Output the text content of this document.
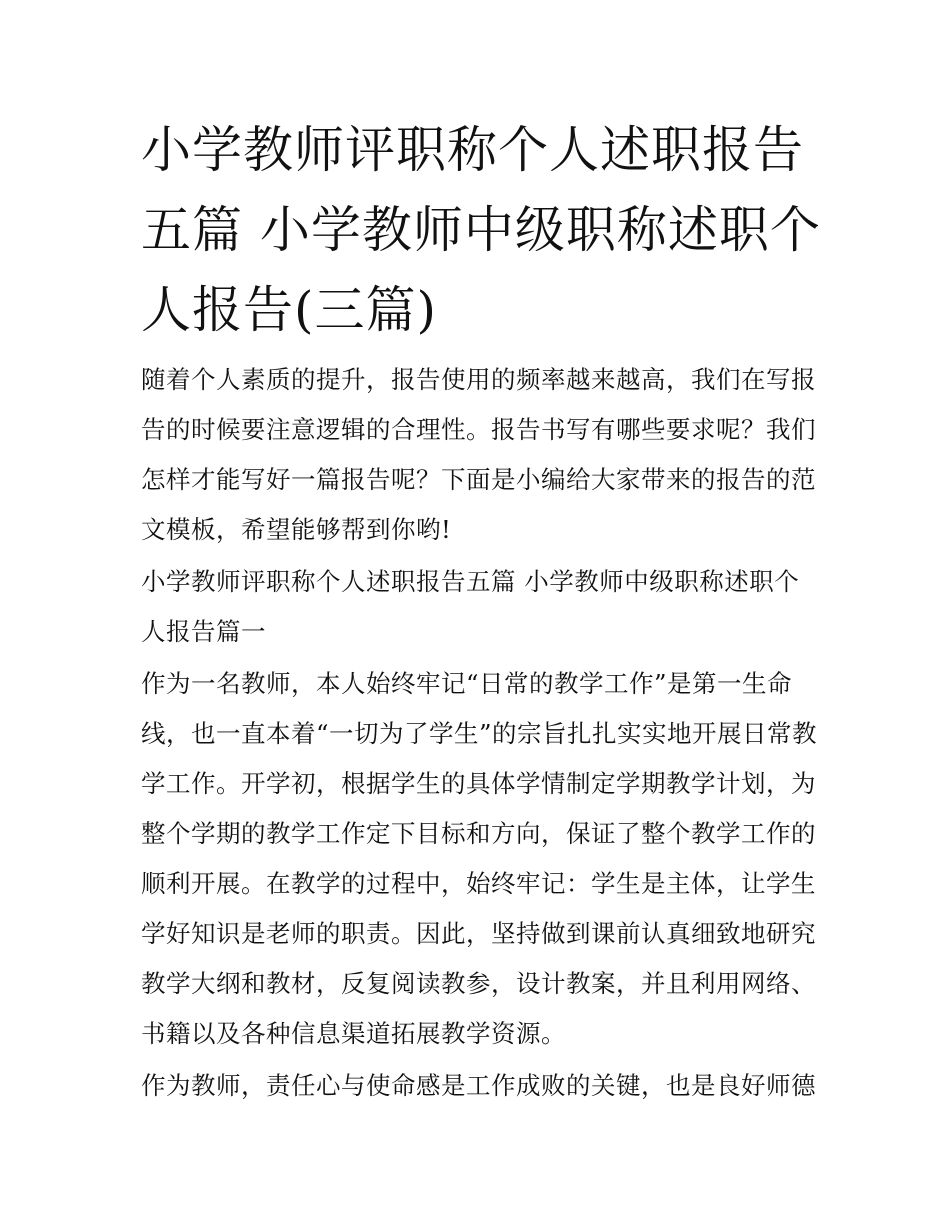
小学教师评职称个人述职报告
五篇 小学教师中级职称述职个
人报告(三篇)

随着个人素质的提升，报告使用的频率越来越高，我们在写报

告的时候要注意逻辑的合理性。报告书写有哪些要求呢？我们

怎样才能写好一篇报告呢？下面是小编给大家带来的报告的范

文模板，希望能够帮到你哟!

小学教师评职称个人述职报告五篇 小学教师中级职称述职个

人报告篇一

作为一名教师，本人始终牢记“日常的教学工作”是第一生命

线，也一直本着“一切为了学生”的宗旨扎扎实实地开展日常教

学工作。开学初，根据学生的具体学情制定学期教学计划，为

整个学期的教学工作定下目标和方向，保证了整个教学工作的

顺利开展。在教学的过程中，始终牢记：学生是主体，让学生

学好知识是老师的职责。因此，坚持做到课前认真细致地研究

教学大纲和教材，反复阅读教参，设计教案，并且利用网络、

书籍以及各种信息渠道拓展教学资源。

作为教师，责任心与使命感是工作成败的关键，也是良好师德
